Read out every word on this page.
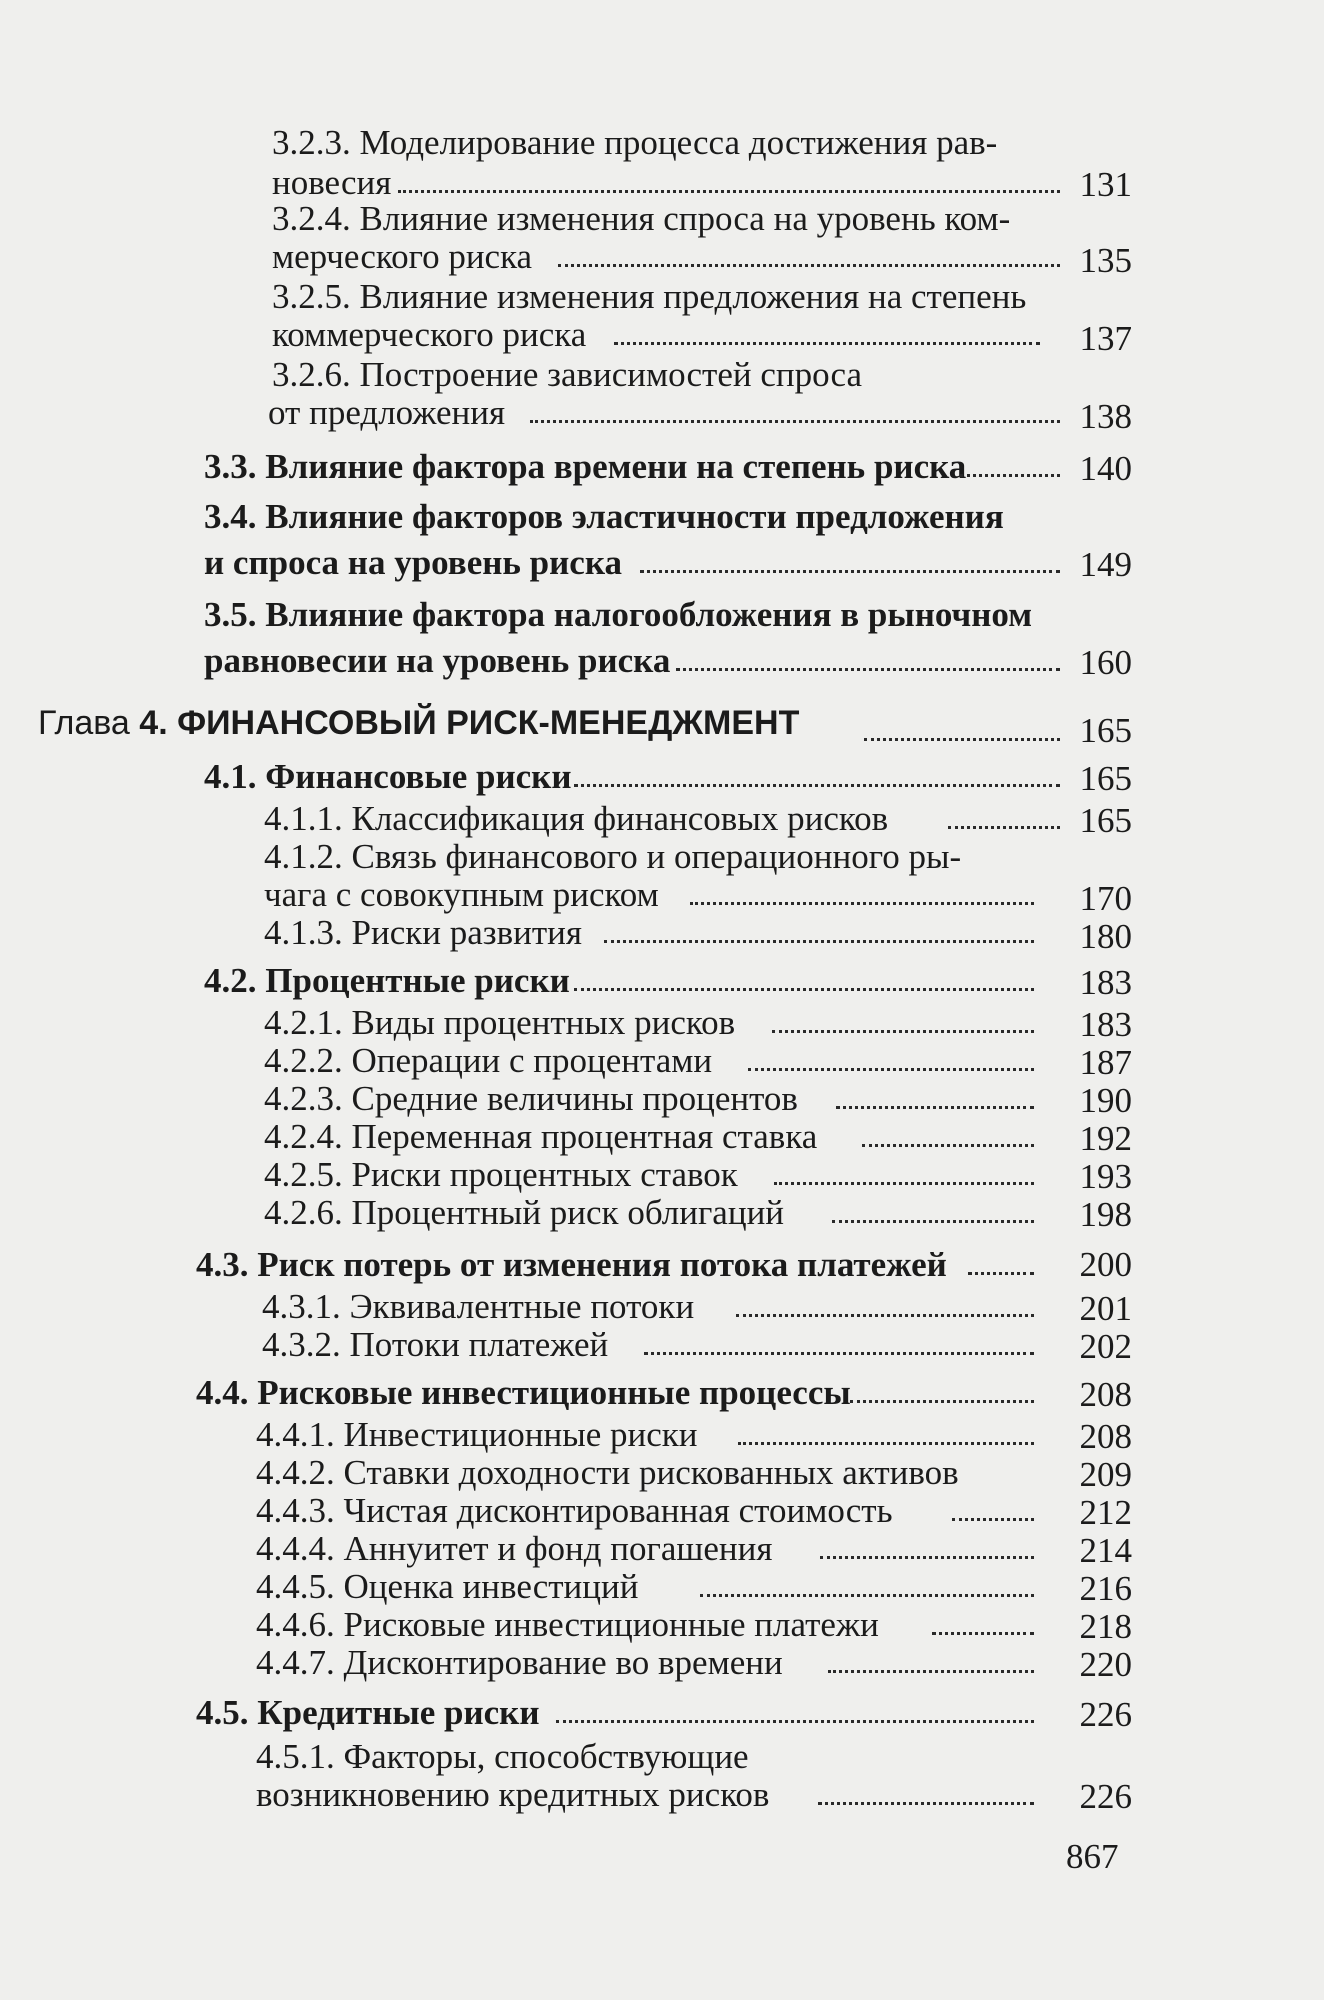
3.2.3. Моделирование процесса достижения рав-
новесия	131
3.2.4. Влияние изменения спроса на уровень ком-
мерческого риска	135
3.2.5. Влияние изменения предложения на степень
коммерческого риска	137
3.2.6. Построение зависимостей спроса
от предложения	138
3.3. Влияние фактора времени на степень риска	140
3.4. Влияние факторов эластичности предложения
и спроса на уровень риска	149
3.5. Влияние фактора налогообложения в рыночном
равновесии на уровень риска	160
Глава 4. ФИНАНСОВЫЙ РИСК-МЕНЕДЖМЕНТ	165
4.1. Финансовые риски	165
4.1.1. Классификация финансовых рисков	165
4.1.2. Связь финансового и операционного ры-
чага с совокупным риском	170
4.1.3. Риски развития	180
4.2. Процентные риски	183
4.2.1. Виды процентных рисков	183
4.2.2. Операции с процентами	187
4.2.3. Средние величины процентов	190
4.2.4. Переменная процентная ставка	192
4.2.5. Риски процентных ставок	193
4.2.6. Процентный риск облигаций	198
4.3. Риск потерь от изменения потока платежей	200
4.3.1. Эквивалентные потоки	201
4.3.2. Потоки платежей	202
4.4. Рисковые инвестиционные процессы	208
4.4.1. Инвестиционные риски	208
4.4.2. Ставки доходности рискованных активов	209
4.4.3. Чистая дисконтированная стоимость	212
4.4.4. Аннуитет и фонд погашения	214
4.4.5. Оценка инвестиций	216
4.4.6. Рисковые инвестиционные платежи	218
4.4.7. Дисконтирование во времени	220
4.5. Кредитные риски	226
4.5.1. Факторы, способствующие
возникновению кредитных рисков	226
867
